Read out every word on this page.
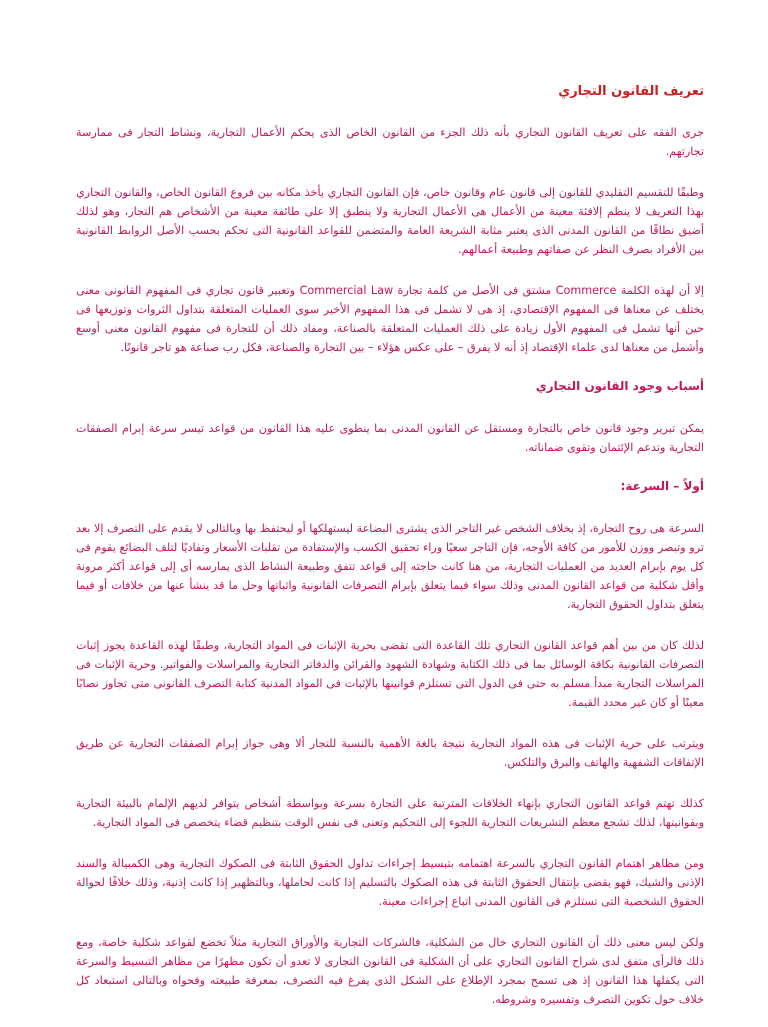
تعريف القانون التجاري

جرى الفقه على تعريف القانون التجاري بأنه ذلك الجزء من القانون الخاص الذى يحكم الأعمال التجارية، ونشاط التجار فى ممارسة تجارتهم.

وطبقًا للتقسيم التقليدي للقانون إلى قانون عام وقانون خاص، فإن القانون التجاري يأخذ مكانه بين فروع القانون الخاص، والقانون التجاري بهذا التعريف لا ينظم إلافئة معينة من الأعمال هى الأعمال التجارية ولا ينطبق إلا على طائفة معينة من الأشخاص هم التجار، وهو لذلك أضيق نطاقًا من القانون المدنى الذى يعتبر مثابة الشريعة العامة والمتضمن للقواعد القانونية التى تحكم بحسب الأصل الروابط القانونية بين الأفراد بصرف النظر عن صفاتهم وطبيعة أعمالهم.

إلا أن لهذه الكلمة Commerce مشتق فى الأصل من كلمة تجارة Commercial Law وتعبير قانون تجاري فى المفهوم القانونى معنى يختلف عن معناها فى المفهوم الإقتصادي، إذ هى لا تشمل فى هذا المفهوم الأخير سوى العمليات المتعلقة بتداول الثروات وتوزيعها فى حين أنها تشمل فى المفهوم الأول زيادة على ذلك العمليات المتعلقة بالصناعة، ومفاد ذلك أن للتجارة فى مفهوم القانون معنى أوسع وأشمل من معناها لدى علماء الإقتصاد إذ أنه لا يفرق – على عكس هؤلاء – بين التجارة والصناعة، فكل رب صناعة هو تاجر قانونًا.

أسباب وجود القانون التجاري

يمكن تبرير وجود قانون خاص بالتجارة ومستقل عن القانون المدنى بما ينطوى عليه هذا القانون من قواعد تيسر سرعة إبرام الصفقات التجارية وتدعم الإئتمان وتقوى ضماناته.

أولاً – السرعة:

السرعة هى روح التجارة، إذ بخلاف الشخص غير التاجر الذى يشترى البضاعة ليستهلكها أو ليحتفظ بها وبالتالى لا يقدم على التصرف إلا بعد ترو وتبصر ووزن للأمور من كافة الأوجه، فإن التاجر سعيًا وراء تحقيق الكسب والإستفادة من تقلبات الأسعار وتفاديًا لتلف البضائع يقوم فى كل يوم بإبرام العديد من العمليات التجارية، من هنا كانت حاجته إلى قواعد تتفق وطبيعة النشاط الذى يمارسه أى إلى قواعد أكثر مرونة وأقل شكلية من قواعد القانون المدنى وذلك سواء فيما يتعلق بإبرام التصرفات القانونية واثباتها وحل ما قد ينشأ عنها من خلافات أو فيما يتعلق بتداول الحقوق التجارية.

لذلك كان من بين أهم قواعد القانون التجاري تلك القاعدة التى تقضى بحرية الإثبات فى المواد التجارية، وطبقًا لهذه القاعدة يجوز إثبات التصرفات القانونية بكافة الوسائل بما فى ذلك الكتابة وشهادة الشهود والقرائن والدفاتر التجارية والمراسلات والفواتير. وحرية الإثبات فى المراسلات التجارية مبدأ مسلم به حتى فى الدول التى تستلزم قوانينها بالإثبات فى المواد المدنية كتابة التصرف القانونى متى تجاوز نصابًا معينًا أو كان غير محدد القيمة.

ويترتب على حرية الإثبات فى هذه المواد التجارية نتيجة بالغة الأهمية بالنسبة للتجار ألا وهى جواز إبرام الصفقات التجارية عن طريق الإتفاقات الشفهية والهاتف والبرق والتلكس.

كذلك تهتم قواعد القانون التجاري بإنهاء الخلافات المترتبة على التجارة بسرعة وبواسطة أشخاص يتوافر لديهم الإلمام بالبيئة التجارية وبقوانينها، لذلك تشجع معظم التشريعات التجارية اللجوء إلى التحكيم وتعنى فى نفس الوقت بتنظيم قضاء يتخصص فى المواد التجارية.

ومن مظاهر اهتمام القانون التجاري بالسرعة اهتمامه بتبسيط إجراءات تداول الحقوق الثابتة فى الصكوك التجارية وهى الكمبيالة والسند الإذنى والشيك، فهو يقضى بإنتقال الحقوق الثابتة فى هذه الصكوك بالتسليم إذا كانت لحاملها، وبالتظهير إذا كانت إذنية، وذلك خلافًا لحوالة الحقوق الشخصية التى تستلزم فى القانون المدنى اتباع إجراءات معينة.

ولكن ليس معنى ذلك أن القانون التجاري خال من الشكلية، فالشركات التجارية والأوراق التجارية مثلاً تخضع لقواعد شكلية خاصة، ومع ذلك فالرأى متفق لدى شراح القانون التجاري على أن الشكلية فى القانون التجارى لا تعدو أن تكون مظهرًا من مظاهر التبسيط والسرعة التى يكفلها هذا القانون إذ هى تسمح بمجرد الإطلاع على الشكل الذى يفرغ فيه التصرف، بمعرفة طبيعته وفحواه وبالتالى استبعاد كل خلاف حول تكوين التصرف وتفسيره وشروطه.
